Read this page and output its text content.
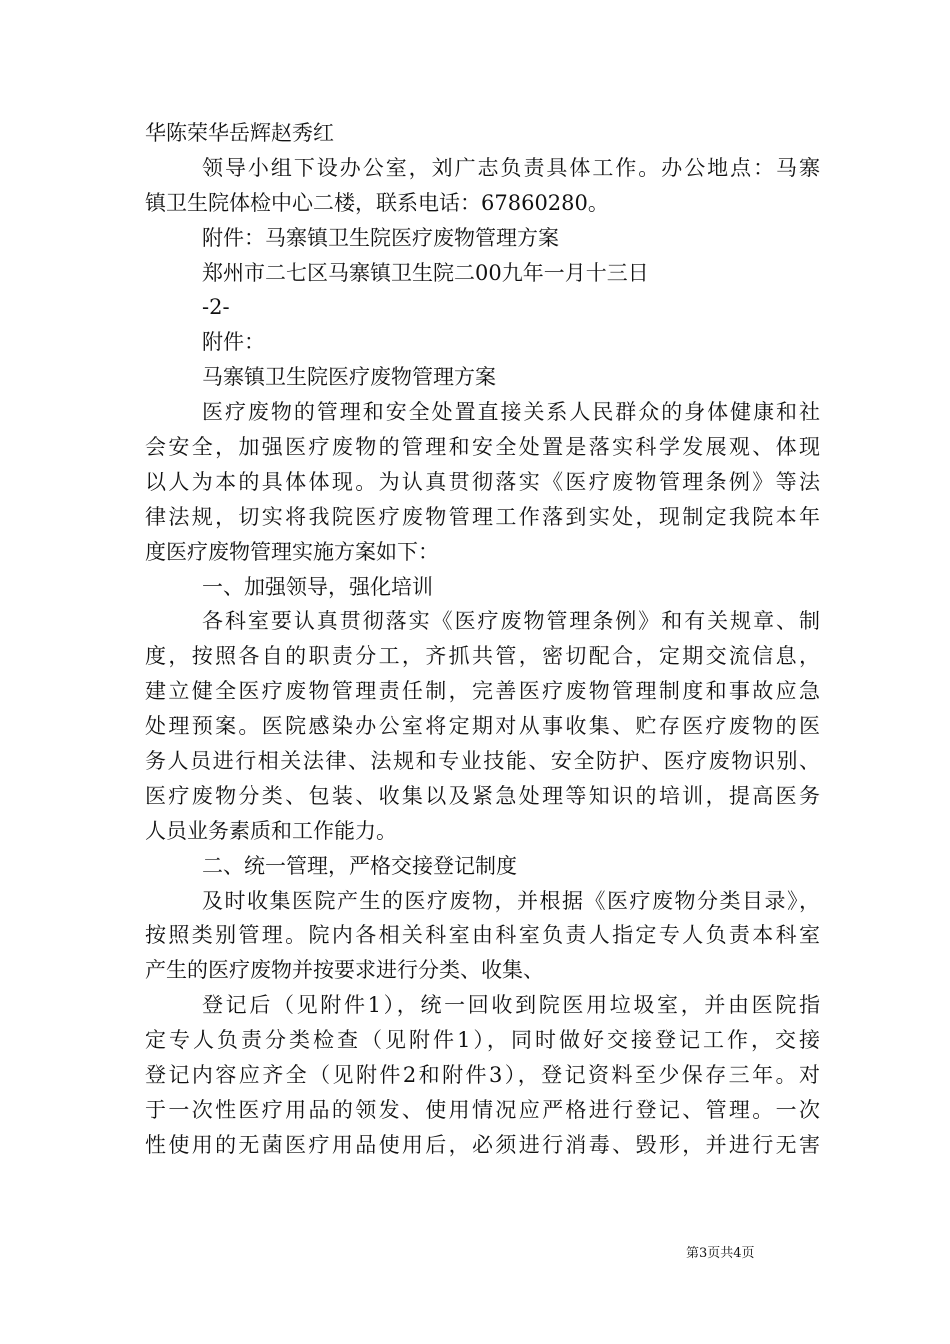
华陈荣华岳辉赵秀红
领导小组下设办公室，刘广志负责具体工作。办公地点：马寨
镇卫生院体检中心二楼，联系电话：67860280。
附件：马寨镇卫生院医疗废物管理方案
郑州市二七区马寨镇卫生院二00九年一月十三日
-2-
附件：
马寨镇卫生院医疗废物管理方案
医疗废物的管理和安全处置直接关系人民群众的身体健康和社
会安全，加强医疗废物的管理和安全处置是落实科学发展观、体现
以人为本的具体体现。为认真贯彻落实《医疗废物管理条例》等法
律法规，切实将我院医疗废物管理工作落到实处，现制定我院本年
度医疗废物管理实施方案如下：
一、加强领导，强化培训
各科室要认真贯彻落实《医疗废物管理条例》和有关规章、制
度，按照各自的职责分工，齐抓共管，密切配合，定期交流信息，
建立健全医疗废物管理责任制，完善医疗废物管理制度和事故应急
处理预案。医院感染办公室将定期对从事收集、贮存医疗废物的医
务人员进行相关法律、法规和专业技能、安全防护、医疗废物识别、
医疗废物分类、包装、收集以及紧急处理等知识的培训，提高医务
人员业务素质和工作能力。
二、统一管理，严格交接登记制度
及时收集医院产生的医疗废物，并根据《医疗废物分类目录》，
按照类别管理。院内各相关科室由科室负责人指定专人负责本科室
产生的医疗废物并按要求进行分类、收集、
登记后（见附件1），统一回收到院医用垃圾室，并由医院指
定专人负责分类检查（见附件1），同时做好交接登记工作，交接
登记内容应齐全（见附件2和附件3），登记资料至少保存三年。对
于一次性医疗用品的领发、使用情况应严格进行登记、管理。一次
性使用的无菌医疗用品使用后，必须进行消毒、毁形，并进行无害
第3页共4页
